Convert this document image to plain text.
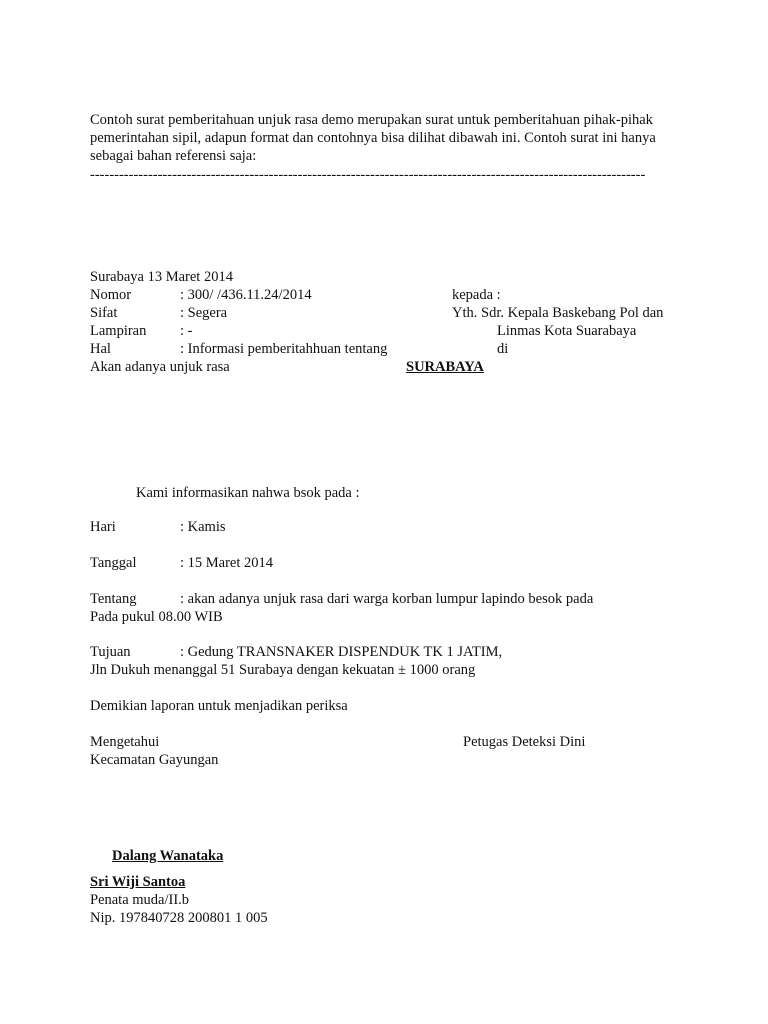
Contoh surat pemberitahuan unjuk rasa demo merupakan surat untuk pemberitahuan pihak-pihak pemerintahan sipil, adapun format dan contohnya bisa dilihat dibawah ini. Contoh surat ini hanya sebagai bahan referensi saja:
-------------------------------------------------------------------------------------------------------------------
Surabaya 13 Maret 2014
Nomor	: 300/ /436.11.24/2014	kepada :
Sifat	: Segera	Yth. Sdr. Kepala Baskebang Pol dan
Lampiran : -	Linmas Kota Suarabaya
Hal	: Informasi pemberitahhuan tentang	di
Akan adanya unjuk rasa	SURABAYA
Kami informasikan nahwa bsok pada :
Hari	: Kamis
Tanggal	: 15 Maret 2014
Tentang	: akan adanya unjuk rasa dari warga korban lumpur lapindo besok pada
Pada pukul 08.00 WIB
Tujuan	: Gedung TRANSNAKER DISPENDUK TK 1 JATIM,
Jln Dukuh menanggal 51 Surabaya dengan kekuatan ± 1000 orang
Demikian laporan untuk menjadikan periksa
Mengetahui	Petugas Deteksi Dini
Kecamatan Gayungan
Dalang Wanataka
Sri Wiji Santoa
Penata muda/II.b
Nip. 197840728 200801 1 005
